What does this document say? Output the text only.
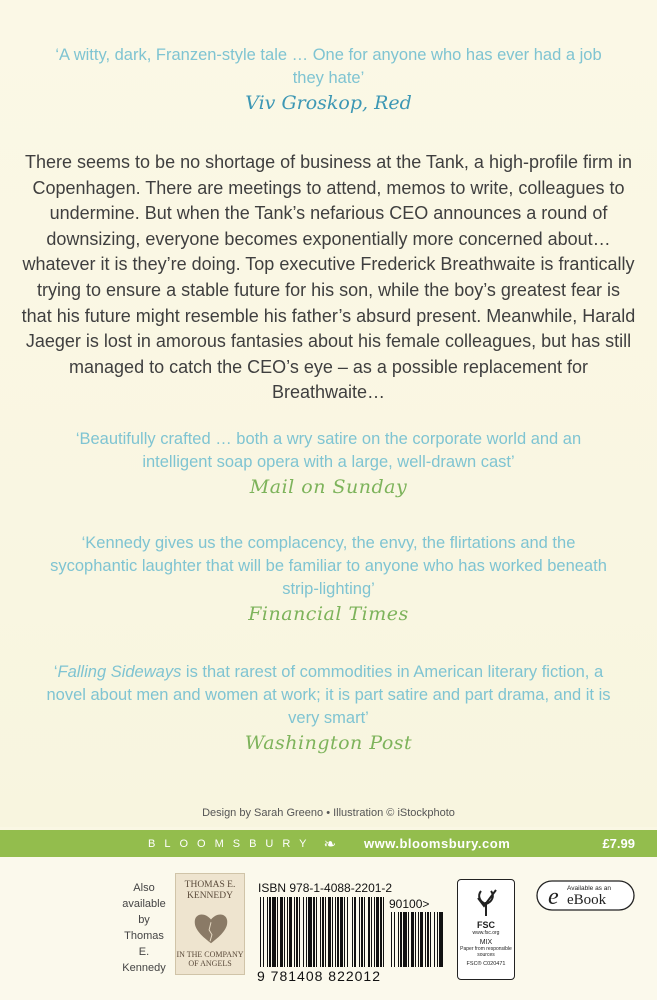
‘A witty, dark, Franzen-style tale … One for anyone who has ever had a job they hate’
Viv Groskop, Red
There seems to be no shortage of business at the Tank, a high-profile firm in Copenhagen. There are meetings to attend, memos to write, colleagues to undermine. But when the Tank’s nefarious CEO announces a round of downsizing, everyone becomes exponentially more concerned about… whatever it is they’re doing. Top executive Frederick Breathwaite is frantically trying to ensure a stable future for his son, while the boy’s greatest fear is that his future might resemble his father’s absurd present. Meanwhile, Harald Jaeger is lost in amorous fantasies about his female colleagues, but has still managed to catch the CEO’s eye – as a possible replacement for Breathwaite…
‘Beautifully crafted … both a wry satire on the corporate world and an intelligent soap opera with a large, well-drawn cast’
Mail on Sunday
‘Kennedy gives us the complacency, the envy, the flirtations and the sycophantic laughter that will be familiar to anyone who has worked beneath strip-lighting’
Financial Times
‘Falling Sideways is that rarest of commodities in American literary fiction, a novel about men and women at work; it is part satire and part drama, and it is very smart’
Washington Post
Design by Sarah Greeno • Illustration © iStockphoto
BLOOMSBURY ❧ www.bloomsbury.com	£7.99
Also available by Thomas E. Kennedy
THOMAS E. KENNEDY
IN THE COMPANY OF ANGELS
ISBN 978-1-4088-2201-2
90100>
9 781408 822012
FSC
www.fsc.org
MIX
Paper from responsible sources
FSC® C020471
e Available as an
eBook
